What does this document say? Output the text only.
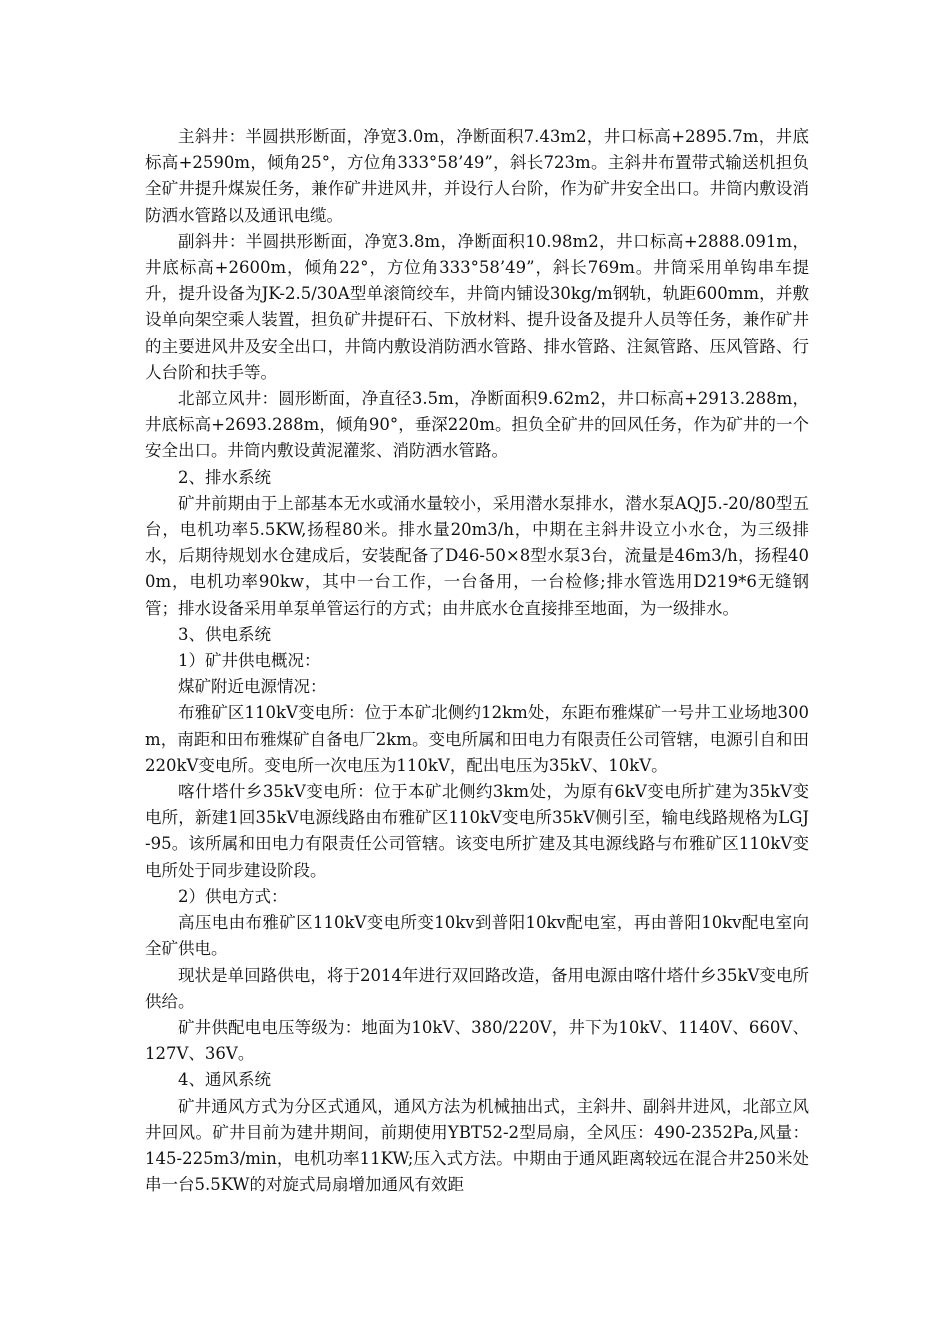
主斜井：半圆拱形断面，净宽3.0m，净断面积7.43m2，井口标高+2895.7m，井底标高+2590m，倾角25°，方位角333°58’49”，斜长723m。主斜井布置带式输送机担负全矿井提升煤炭任务，兼作矿井进风井，并设行人台阶，作为矿井安全出口。井筒内敷设消防洒水管路以及通讯电缆。

副斜井：半圆拱形断面，净宽3.8m，净断面积10.98m2，井口标高+2888.091m，井底标高+2600m，倾角22°，方位角333°58’49”，斜长769m。井筒采用单钩串车提升，提升设备为JK-2.5/30A型单滚筒绞车，井筒内铺设30kg/m钢轨，轨距600mm，并敷设单向架空乘人装置，担负矿井提矸石、下放材料、提升设备及提升人员等任务，兼作矿井的主要进风井及安全出口，井筒内敷设消防洒水管路、排水管路、注氮管路、压风管路、行人台阶和扶手等。

北部立风井：圆形断面，净直径3.5m，净断面积9.62m2，井口标高+2913.288m，井底标高+2693.288m，倾角90°，垂深220m。担负全矿井的回风任务，作为矿井的一个安全出口。井筒内敷设黄泥灌浆、消防洒水管路。

2、排水系统

矿井前期由于上部基本无水或涌水量较小，采用潜水泵排水，潜水泵AQJ5.-20/80型五台，电机功率5.5KW,扬程80米。排水量20m3/h，中期在主斜井设立小水仓，为三级排水，后期待规划水仓建成后，安装配备了D46-50×8型水泵3台，流量是46m3/h，扬程400m，电机功率90kw，其中一台工作，一台备用，一台检修;排水管选用D219*6无缝钢管；排水设备采用单泵单管运行的方式；由井底水仓直接排至地面，为一级排水。

3、供电系统

1）矿井供电概况：

煤矿附近电源情况：

布雅矿区110kV变电所：位于本矿北侧约12km处，东距布雅煤矿一号井工业场地300m，南距和田布雅煤矿自备电厂2km。变电所属和田电力有限责任公司管辖，电源引自和田220kV变电所。变电所一次电压为110kV，配出电压为35kV、10kV。

喀什塔什乡35kV变电所：位于本矿北侧约3km处，为原有6kV变电所扩建为35kV变电所，新建1回35kV电源线路由布雅矿区110kV变电所35kV侧引至，输电线路规格为LGJ-95。该所属和田电力有限责任公司管辖。该变电所扩建及其电源线路与布雅矿区110kV变电所处于同步建设阶段。

2）供电方式：

高压电由布雅矿区110kV变电所变10kv到普阳10kv配电室，再由普阳10kv配电室向全矿供电。

现状是单回路供电，将于2014年进行双回路改造，备用电源由喀什塔什乡35kV变电所供给。

矿井供配电电压等级为：地面为10kV、380/220V，井下为10kV、1140V、660V、127V、36V。

4、通风系统

矿井通风方式为分区式通风，通风方法为机械抽出式，主斜井、副斜井进风，北部立风井回风。矿井目前为建井期间，前期使用YBT52-2型局扇，全风压：490-2352Pa,风量： 145-225m3/min，电机功率11KW;压入式方法。中期由于通风距离较远在混合井250米处串一台5.5KW的对旋式局扇增加通风有效距
